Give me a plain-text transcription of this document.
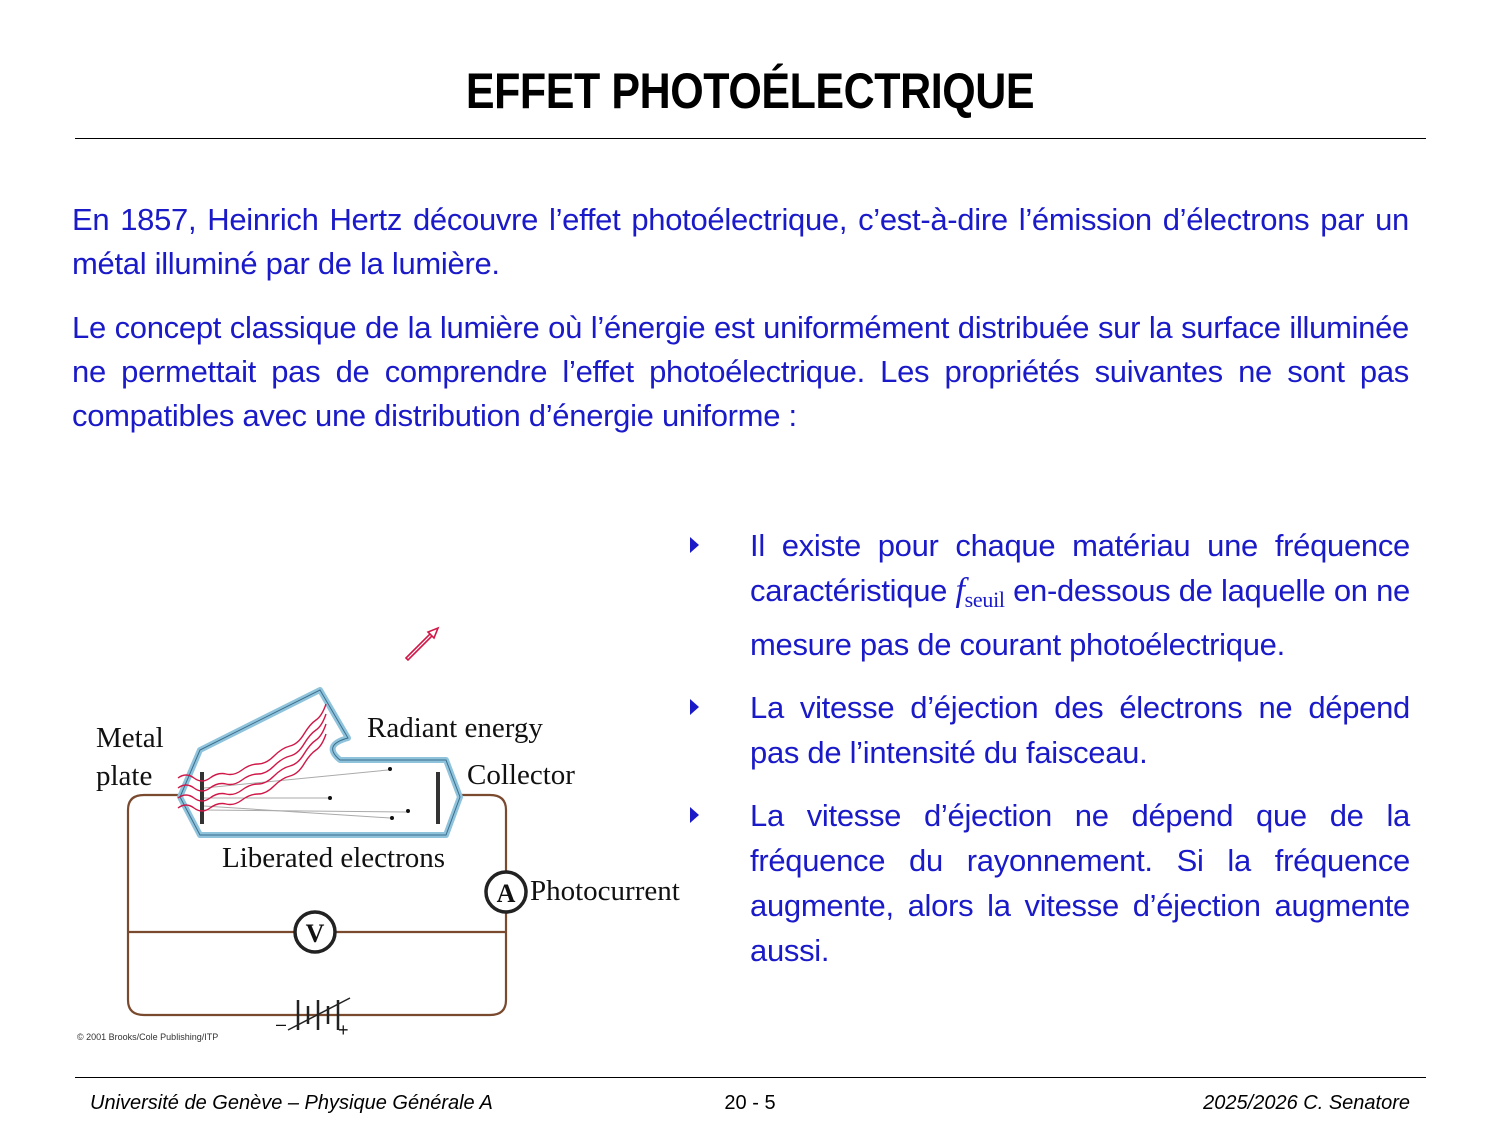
EFFET PHOTOÉLECTRIQUE

En 1857, Heinrich Hertz découvre l’effet photoélectrique, c’est-à-dire l’émission d’électrons par un métal illuminé par de la lumière.

Le concept classique de la lumière où l’énergie est uniformément distribuée sur la surface illuminée ne permettait pas de comprendre l’effet photoélectrique. Les propriétés suivantes ne sont pas compatibles avec une distribution d’énergie uniforme :

A
V
–	+
Metal
plate
Radiant energy
Collector
Liberated electrons
Photocurrent
© 2001 Brooks/Cole Publishing/ITP
Il existe pour chaque matériau une fréquence caractéristique fseuil en-dessous de laquelle on ne mesure pas de courant photoélectrique.
La vitesse d’éjection des électrons ne dépend pas de l’intensité du faisceau.
La vitesse d’éjection ne dépend que de la fréquence du rayonnement. Si la fréquence augmente, alors la vitesse d’éjection augmente aussi.
Université de Genève – Physique Générale A	20 - 5	2025/2026 C. Senatore
